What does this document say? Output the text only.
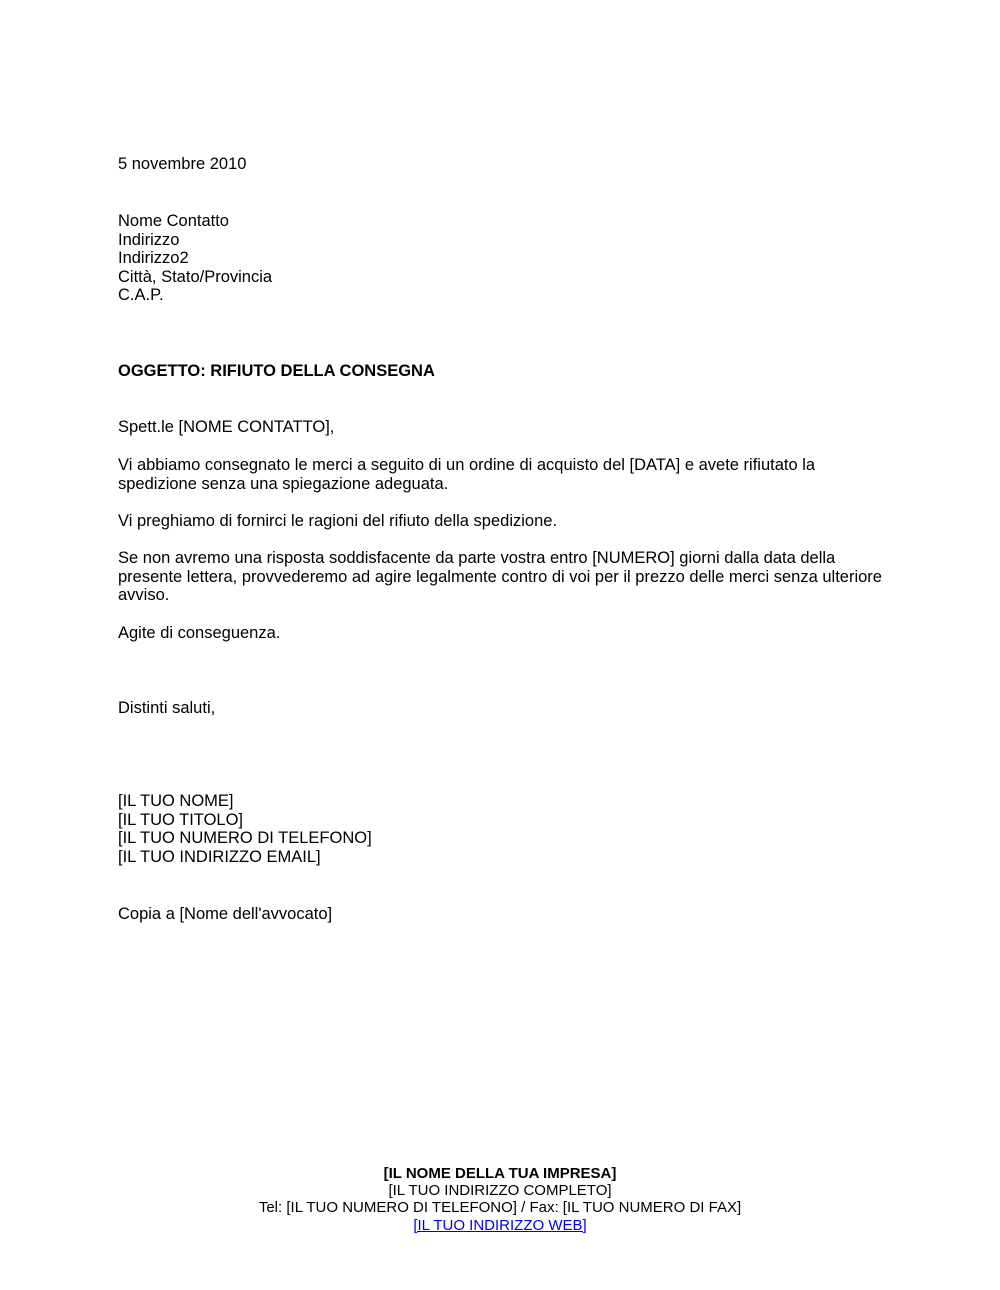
5 novembre 2010
Nome Contatto
Indirizzo
Indirizzo2
Città, Stato/Provincia
C.A.P.
OGGETTO: RIFIUTO DELLA CONSEGNA
Spett.le [NOME CONTATTO],
Vi abbiamo consegnato le merci a seguito di un ordine di acquisto del [DATA] e avete rifiutato la
spedizione senza una spiegazione adeguata.
Vi preghiamo di fornirci le ragioni del rifiuto della spedizione.
Se non avremo una risposta soddisfacente da parte vostra entro [NUMERO] giorni dalla data della
presente lettera, provvederemo ad agire legalmente contro di voi per il prezzo delle merci senza ulteriore
avviso.
Agite di conseguenza.
Distinti saluti,
[IL TUO NOME]
[IL TUO TITOLO]
[IL TUO NUMERO DI TELEFONO]
[IL TUO INDIRIZZO EMAIL]
Copia a [Nome dell'avvocato]
[IL NOME DELLA TUA IMPRESA]
[IL TUO INDIRIZZO COMPLETO]
Tel: [IL TUO NUMERO DI TELEFONO] / Fax: [IL TUO NUMERO DI FAX]
[IL TUO INDIRIZZO WEB]
